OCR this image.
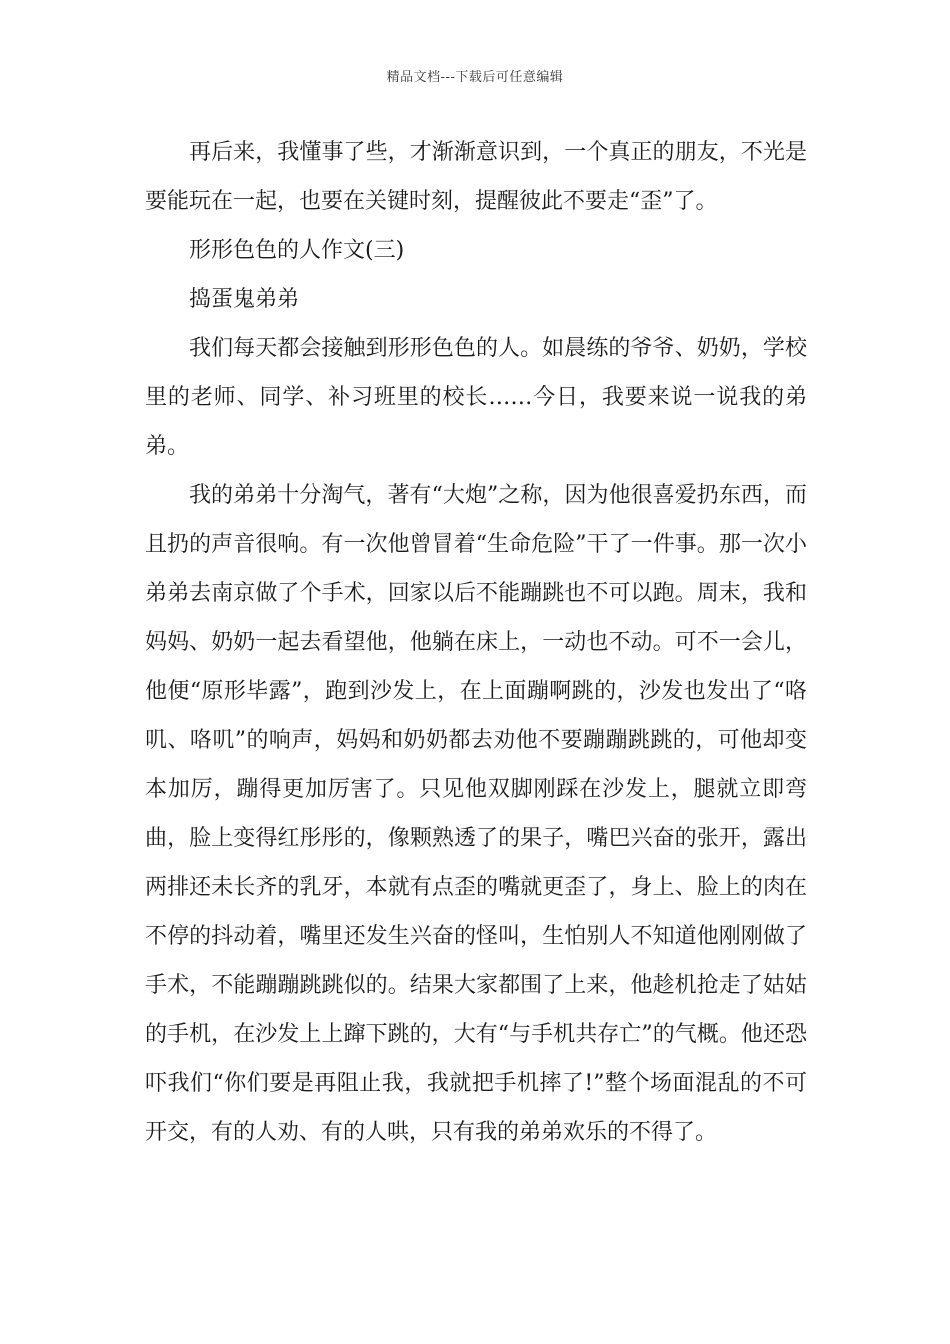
精品文档---下载后可任意编辑

再后来，我懂事了些，才渐渐意识到，一个真正的朋友，不光是要能玩在一起，也要在关键时刻，提醒彼此不要走“歪”了。

形形色色的人作文(三)

捣蛋鬼弟弟

我们每天都会接触到形形色色的人。如晨练的爷爷、奶奶，学校里的老师、同学、补习班里的校长……今日，我要来说一说我的弟弟。

我的弟弟十分淘气，著有“大炮”之称，因为他很喜爱扔东西，而且扔的声音很响。有一次他曾冒着“生命危险”干了一件事。那一次小弟弟去南京做了个手术，回家以后不能蹦跳也不可以跑。周末，我和妈妈、奶奶一起去看望他，他躺在床上，一动也不动。可不一会儿，他便“原形毕露”，跑到沙发上，在上面蹦啊跳的，沙发也发出了“咯叽、咯叽”的响声，妈妈和奶奶都去劝他不要蹦蹦跳跳的，可他却变本加厉，蹦得更加厉害了。只见他双脚刚踩在沙发上，腿就立即弯曲，脸上变得红彤彤的，像颗熟透了的果子，嘴巴兴奋的张开，露出两排还未长齐的乳牙，本就有点歪的嘴就更歪了，身上、脸上的肉在不停的抖动着，嘴里还发生兴奋的怪叫，生怕别人不知道他刚刚做了手术，不能蹦蹦跳跳似的。结果大家都围了上来，他趁机抢走了姑姑的手机，在沙发上上蹿下跳的，大有“与手机共存亡”的气概。他还恐吓我们“你们要是再阻止我，我就把手机摔了!”整个场面混乱的不可开交，有的人劝、有的人哄，只有我的弟弟欢乐的不得了。
